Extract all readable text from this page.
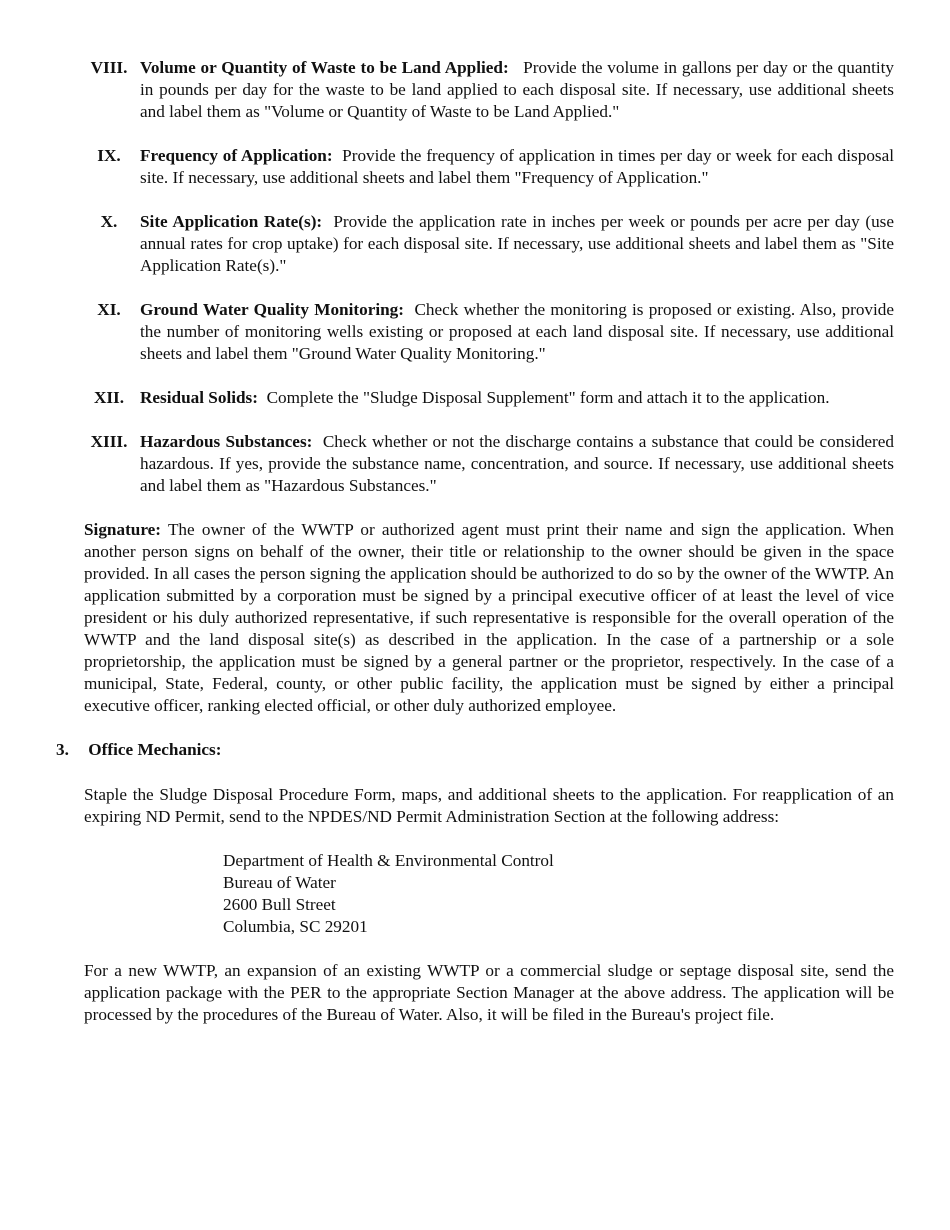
VIII. Volume or Quantity of Waste to be Land Applied: Provide the volume in gallons per day or the quantity in pounds per day for the waste to be land applied to each disposal site. If necessary, use additional sheets and label them as "Volume or Quantity of Waste to be Land Applied."
IX.	Frequency of Application: Provide the frequency of application in times per day or week for each disposal site. If necessary, use additional sheets and label them "Frequency of Application."
X.	Site Application Rate(s): Provide the application rate in inches per week or pounds per acre per day (use annual rates for crop uptake) for each disposal site. If necessary, use additional sheets and label them as "Site Application Rate(s)."
XI.	Ground Water Quality Monitoring: Check whether the monitoring is proposed or existing. Also, provide the number of monitoring wells existing or proposed at each land disposal site. If necessary, use additional sheets and label them "Ground Water Quality Monitoring."
XII. Residual Solids: Complete the "Sludge Disposal Supplement" form and attach it to the application.
XIII. Hazardous Substances: Check whether or not the discharge contains a substance that could be considered hazardous. If yes, provide the substance name, concentration, and source. If necessary, use additional sheets and label them as "Hazardous Substances."
Signature: The owner of the WWTP or authorized agent must print their name and sign the application. When another person signs on behalf of the owner, their title or relationship to the owner should be given in the space provided. In all cases the person signing the application should be authorized to do so by the owner of the WWTP. An application submitted by a corporation must be signed by a principal executive officer of at least the level of vice president or his duly authorized representative, if such representative is responsible for the overall operation of the WWTP and the land disposal site(s) as described in the application. In the case of a partnership or a sole proprietorship, the application must be signed by a general partner or the proprietor, respectively. In the case of a municipal, State, Federal, county, or other public facility, the application must be signed by either a principal executive officer, ranking elected official, or other duly authorized employee.
3. Office Mechanics:
Staple the Sludge Disposal Procedure Form, maps, and additional sheets to the application. For reapplication of an expiring ND Permit, send to the NPDES/ND Permit Administration Section at the following address:
Department of Health & Environmental Control
Bureau of Water
2600 Bull Street
Columbia, SC 29201
For a new WWTP, an expansion of an existing WWTP or a commercial sludge or septage disposal site, send the application package with the PER to the appropriate Section Manager at the above address. The application will be processed by the procedures of the Bureau of Water. Also, it will be filed in the Bureau's project file.
